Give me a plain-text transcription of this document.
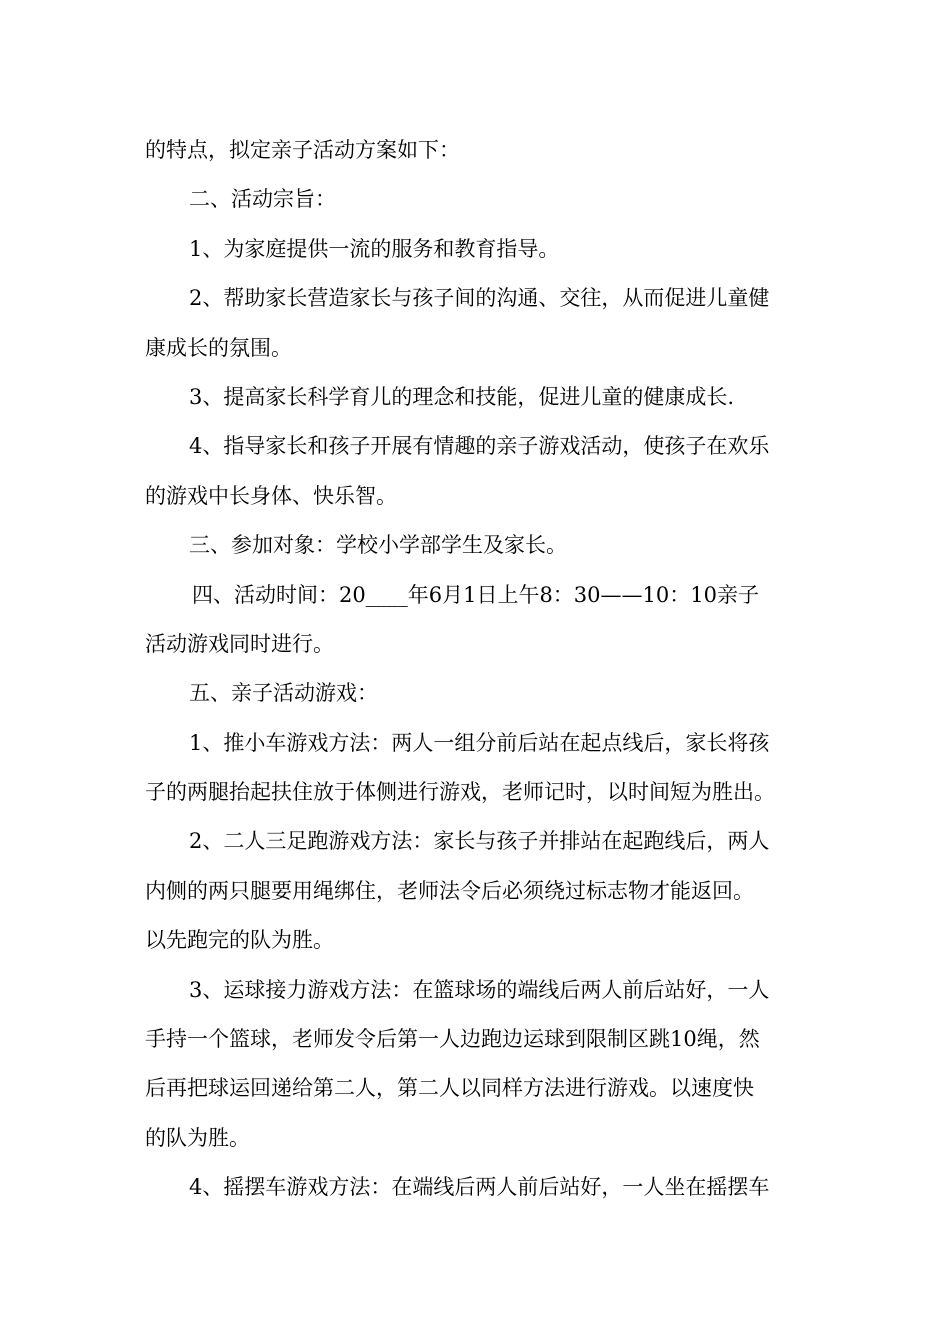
的特点，拟定亲子活动方案如下：
二、活动宗旨：
1、为家庭提供一流的服务和教育指导。
2、帮助家长营造家长与孩子间的沟通、交往，从而促进儿童健
康成长的氛围。
3、提高家长科学育儿的理念和技能，促进儿童的健康成长.
4、指导家长和孩子开展有情趣的亲子游戏活动，使孩子在欢乐
的游戏中长身体、快乐智。
三、参加对象：学校小学部学生及家长。
四、活动时间：20____年6月1日上午8：30——10：10亲子
活动游戏同时进行。
五、亲子活动游戏：
1、推小车游戏方法：两人一组分前后站在起点线后，家长将孩
子的两腿抬起扶住放于体侧进行游戏，老师记时，以时间短为胜出。
2、二人三足跑游戏方法：家长与孩子并排站在起跑线后，两人
内侧的两只腿要用绳绑住，老师法令后必须绕过标志物才能返回。
以先跑完的队为胜。
3、运球接力游戏方法：在篮球场的端线后两人前后站好，一人
手持一个篮球，老师发令后第一人边跑边运球到限制区跳10绳，然
后再把球运回递给第二人，第二人以同样方法进行游戏。以速度快
的队为胜。
4、摇摆车游戏方法：在端线后两人前后站好，一人坐在摇摆车
